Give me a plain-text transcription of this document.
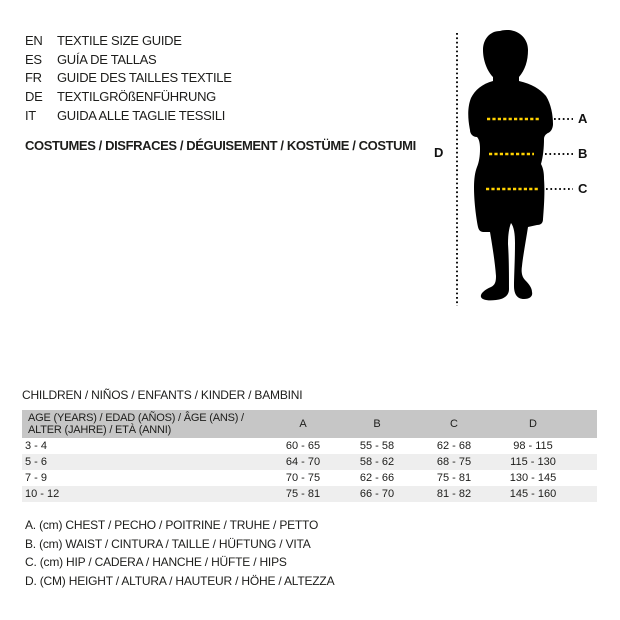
EN	TEXTILE SIZE GUIDE
ES	GUÍA DE TALLAS
FR	GUIDE DES TAILLES TEXTILE
DE	TEXTILGRÖßENFÜHRUNG
IT	GUIDA ALLE TAGLIE TESSILI
COSTUMES / DISFRACES / DÉGUISEMENT / KOSTÜME / COSTUMI
A
B
C
D
CHILDREN / NIÑOS / ENFANTS / KINDER / BAMBINI
AGE (YEARS) / EDAD (AÑOS) / ÂGE (ANS) /
ALTER (JAHRE) / ETÀ (ANNI)	A	B	C	D	
3 - 4	60 - 65	55 - 58	62 - 68	98 - 115	
5 - 6	64 - 70	58 - 62	68 - 75	115 - 130	
7 - 9	70 - 75	62 - 66	75 - 81	130 - 145	
10 - 12	75 - 81	66 - 70	81 - 82	145 - 160	
A. (cm) CHEST / PECHO / POITRINE / TRUHE / PETTO
B. (cm) WAIST / CINTURA / TAILLE / HÜFTUNG / VITA
C. (cm) HIP / CADERA / HANCHE / HÜFTE / HIPS
D. (CM) HEIGHT / ALTURA / HAUTEUR / HÖHE / ALTEZZA
